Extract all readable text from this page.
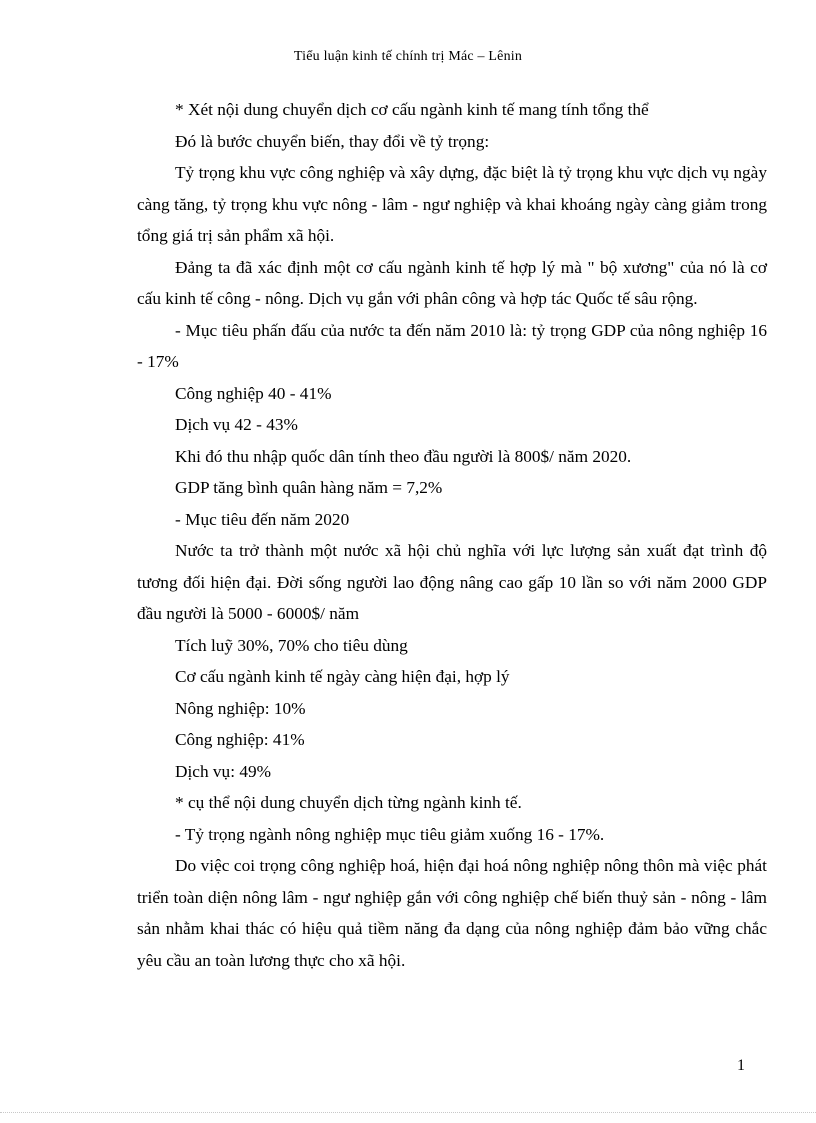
Tiểu luận kinh tế chính trị Mác – Lênin

* Xét nội dung chuyển dịch cơ cấu ngành kinh tế mang tính tổng thể

Đó là bước chuyển biến, thay đổi về tỷ trọng:

Tỷ trọng khu vực công nghiệp và xây dựng, đặc biệt là tỷ trọng khu vực dịch vụ ngày càng tăng, tỷ trọng khu vực nông - lâm - ngư nghiệp và khai khoáng ngày càng giảm trong tổng giá trị sản phẩm xã hội.

Đảng ta đã xác định một cơ cấu ngành kinh tế hợp lý mà " bộ xương" của nó là cơ cấu kinh tế công - nông. Dịch vụ gắn với phân công và hợp tác Quốc tế sâu rộng.

- Mục tiêu phấn đấu của nước ta đến năm 2010 là: tỷ trọng GDP của nông nghiệp 16 - 17%

Công nghiệp 40 - 41%

Dịch vụ 42 - 43%

Khi đó thu nhập quốc dân tính theo đầu người là 800$/ năm 2020.

GDP tăng bình quân hàng năm = 7,2%

- Mục tiêu đến năm 2020

Nước ta trở thành một nước xã hội chủ nghĩa với lực lượng sản xuất đạt trình độ tương đối hiện đại. Đời sống người lao động nâng cao gấp 10 lần so với năm 2000 GDP đầu người là 5000 - 6000$/ năm

Tích luỹ 30%, 70% cho tiêu dùng

Cơ cấu ngành kinh tế ngày càng hiện đại, hợp lý

Nông nghiệp: 10%

Công nghiệp: 41%

Dịch vụ: 49%

* cụ thể nội dung chuyển dịch từng ngành kinh tế.

- Tỷ trọng ngành nông nghiệp mục tiêu giảm xuống 16 - 17%.

Do việc coi trọng công nghiệp hoá, hiện đại hoá nông nghiệp nông thôn mà việc phát triển toàn diện nông lâm - ngư nghiệp gắn với công nghiệp chế biến thuỷ sản - nông - lâm sản nhằm khai thác có hiệu quả tiềm năng đa dạng của nông nghiệp đảm bảo vững chắc yêu cầu an toàn lương thực cho xã hội.

1
